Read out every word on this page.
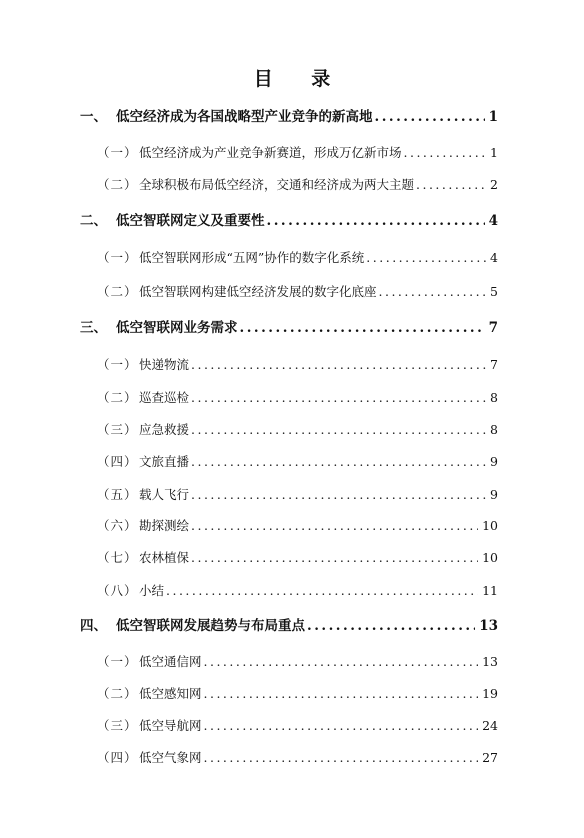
目 录
一、 低空经济成为各国战略型产业竞争的新高地 .....	1
（一） 低空经济成为产业竞争新赛道，形成万亿新市场 .....	1
（二） 全球积极布局低空经济，交通和经济成为两大主题 .....	2
二、 低空智联网定义及重要性 .....	4
（一） 低空智联网形成“五网”协作的数字化系统 .....	4
（二） 低空智联网构建低空经济发展的数字化底座 .....	5
三、 低空智联网业务需求 .....	7
（一） 快递物流 .....	7
（二） 巡查巡检 .....	8
（三） 应急救援 .....	8
（四） 文旅直播 .....	9
（五） 载人飞行 .....	9
（六） 勘探测绘 .....	10
（七） 农林植保 .....	10
（八） 小结 .....	11
四、 低空智联网发展趋势与布局重点 .....	13
（一） 低空通信网 .....	13
（二） 低空感知网 .....	19
（三） 低空导航网 .....	24
（四） 低空气象网 .....	27
